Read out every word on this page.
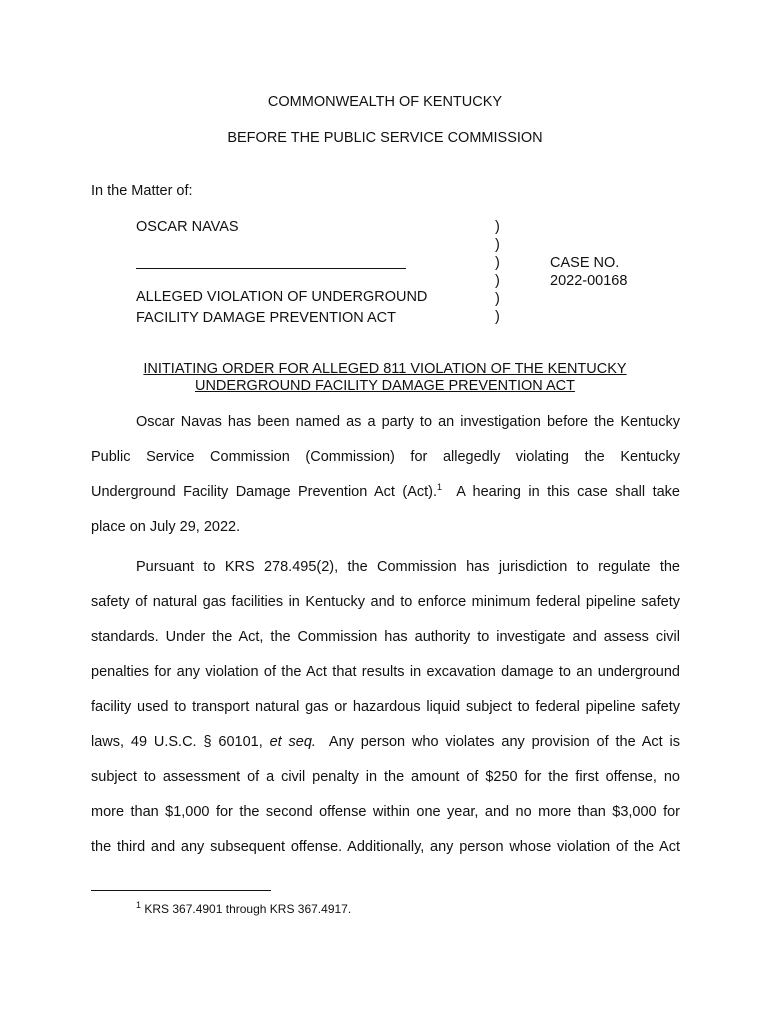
COMMONWEALTH OF KENTUCKY
BEFORE THE PUBLIC SERVICE COMMISSION
In the Matter of:
OSCAR NAVAS
ALLEGED VIOLATION OF UNDERGROUND
FACILITY DAMAGE PREVENTION ACT
)
)
)
)
)
)
CASE NO.
2022-00168
INITIATING ORDER FOR ALLEGED 811 VIOLATION OF THE KENTUCKY
UNDERGROUND FACILITY DAMAGE PREVENTION ACT
Oscar Navas has been named as a party to an investigation before the Kentucky
Public Service Commission (Commission) for allegedly violating the Kentucky
Underground Facility Damage Prevention Act (Act).$^1$  A hearing in this case shall take
place on July 29, 2022.
Pursuant to KRS 278.495(2), the Commission has jurisdiction to regulate the
safety of natural gas facilities in Kentucky and to enforce minimum federal pipeline safety
standards. Under the Act, the Commission has authority to investigate and assess civil
penalties for any violation of the Act that results in excavation damage to an underground
facility used to transport natural gas or hazardous liquid subject to federal pipeline safety
laws, 49 U.S.C. § 60101, et seq.  Any person who violates any provision of the Act is
subject to assessment of a civil penalty in the amount of $250 for the first offense, no
more than $1,000 for the second offense within one year, and no more than $3,000 for
the third and any subsequent offense. Additionally, any person whose violation of the Act
$^1$ KRS 367.4901 through KRS 367.4917.
